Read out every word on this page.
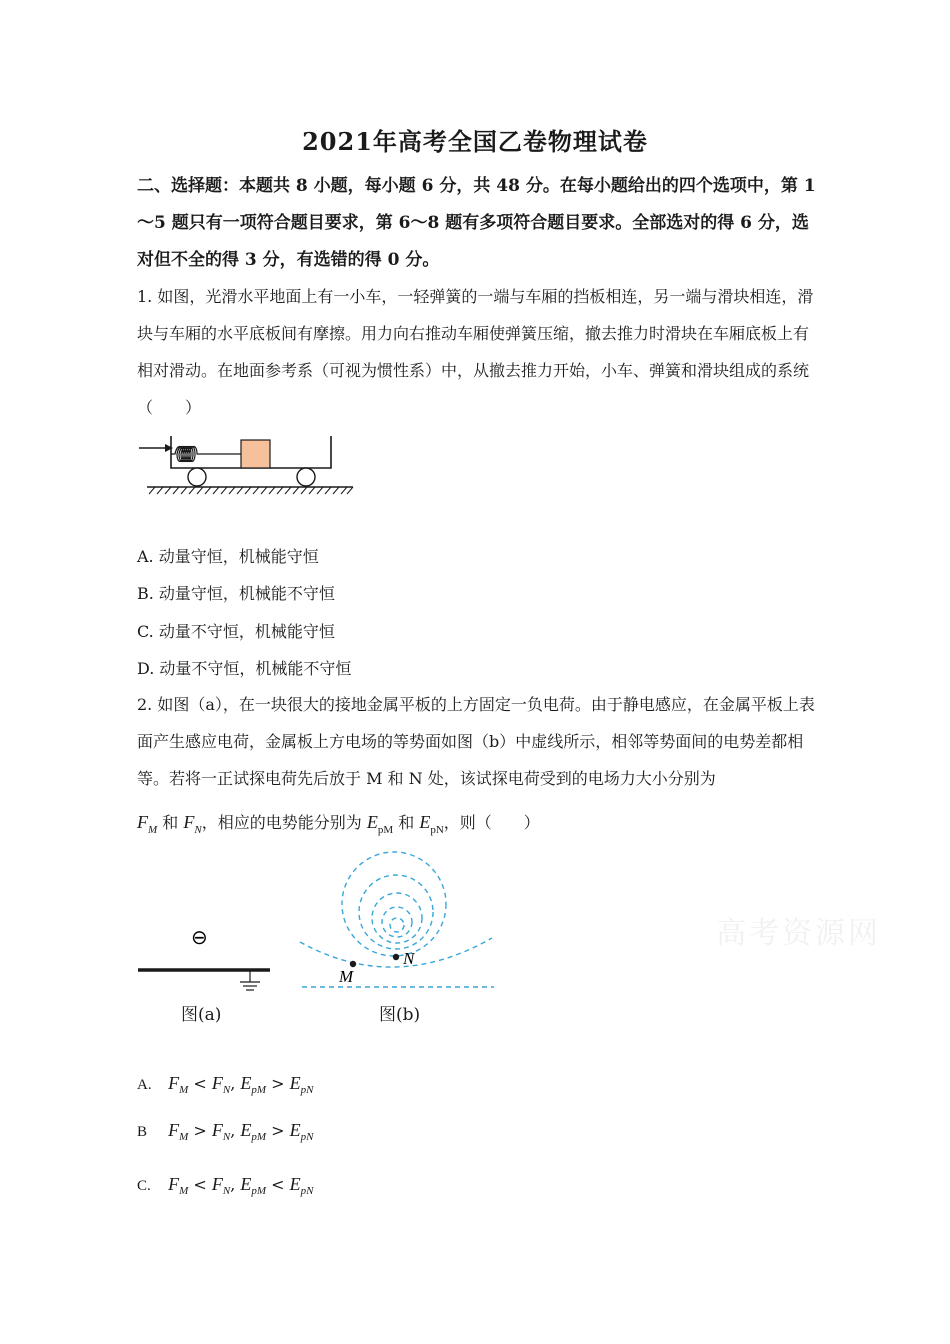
2021年高考全国乙卷物理试卷
二、选择题：本题共 8 小题，每小题 6 分，共 48 分。在每小题给出的四个选项中，第 1～5 题只有一项符合题目要求，第 6～8 题有多项符合题目要求。全部选对的得 6 分，选对但不全的得 3 分，有选错的得 0 分。
1. 如图，光滑水平地面上有一小车，一轻弹簧的一端与车厢的挡板相连，另一端与滑块相连，滑块与车厢的水平底板间有摩擦。用力向右推动车厢使弹簧压缩，撤去推力时滑块在车厢底板上有相对滑动。在地面参考系（可视为惯性系）中，从撤去推力开始，小车、弹簧和滑块组成的系统（　　）
A. 动量守恒，机械能守恒
B. 动量守恒，机械能不守恒
C. 动量不守恒，机械能守恒
D. 动量不守恒，机械能不守恒
2. 如图（a），在一块很大的接地金属平板的上方固定一负电荷。由于静电感应，在金属平板上表面产生感应电荷，金属板上方电场的等势面如图（b）中虚线所示，相邻等势面间的电势差都相等。若将一正试探电荷先后放于 M 和 N 处，该试探电荷受到的电场力大小分别为
$F_M$ 和 $F_N$，相应的电势能分别为 $E_{pM}$ 和 $E_{pN}$，则（　　）
⊖
图(a)
M
N
图(b)
高考资源网
A. $F_M < F_N$, $E_{pM} > E_{pN}$
B $F_M > F_N$, $E_{pM} > E_{pN}$
C. $F_M < F_N$, $E_{pM} < E_{pN}$
